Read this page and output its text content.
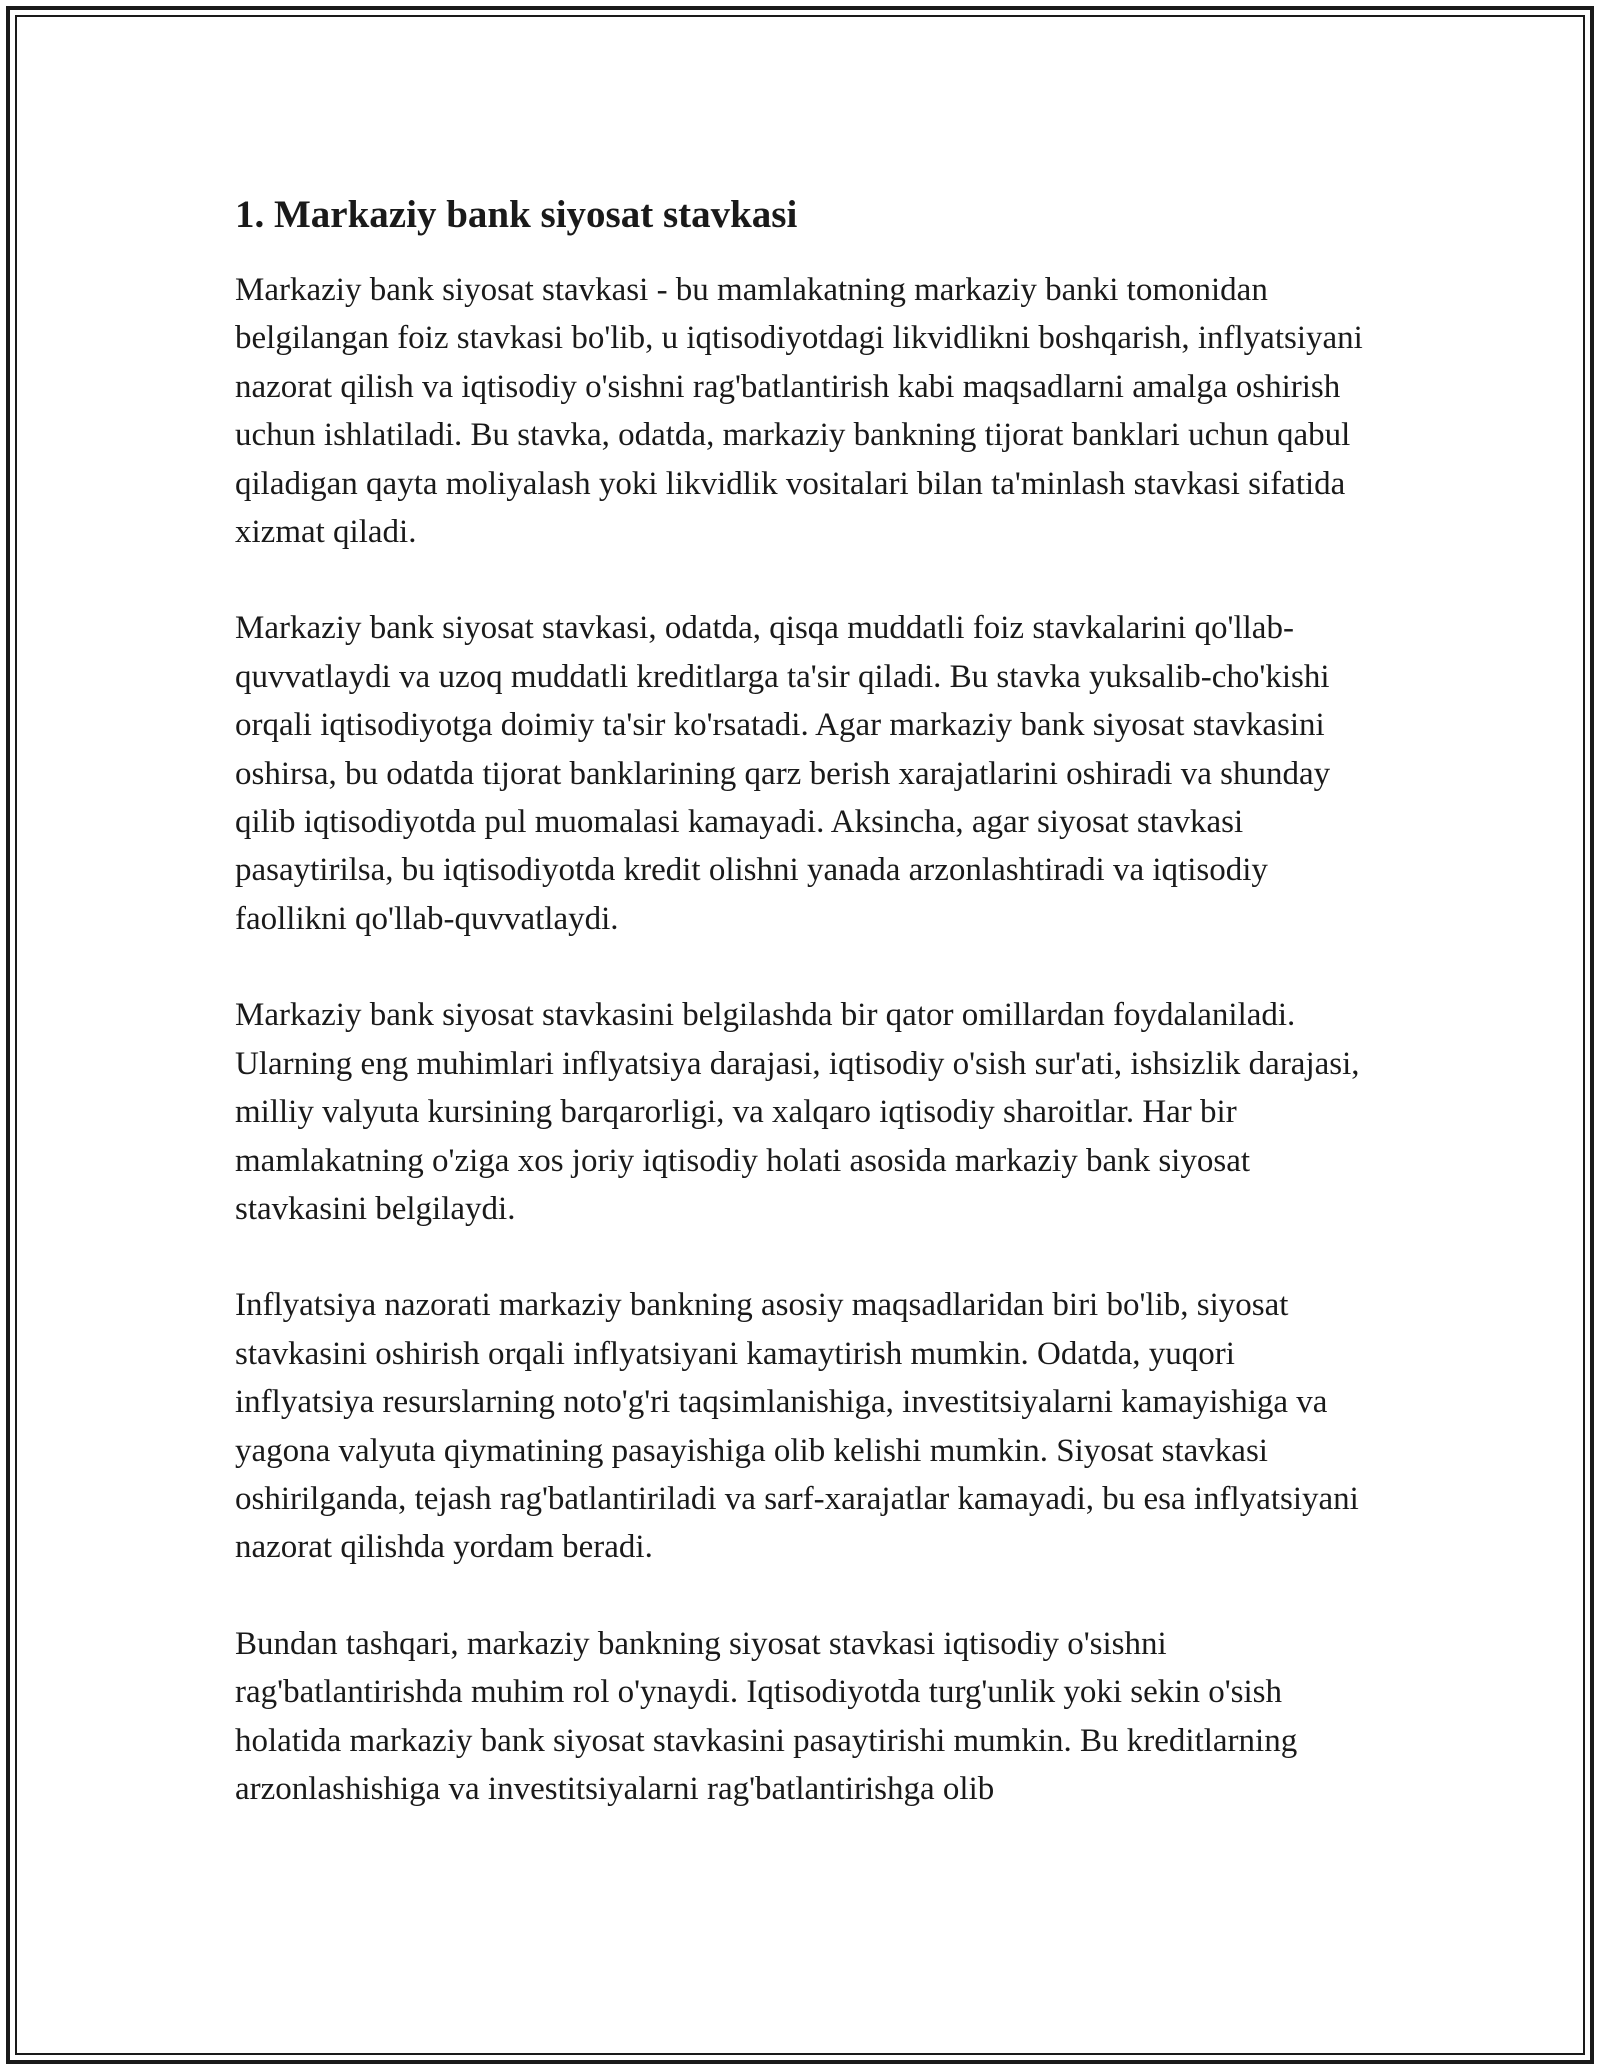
1. Markaziy bank siyosat stavkasi

Markaziy bank siyosat stavkasi - bu mamlakatning markaziy banki tomonidan belgilangan foiz stavkasi bo'lib, u iqtisodiyotdagi likvidlikni boshqarish, inflyatsiyani nazorat qilish va iqtisodiy o'sishni rag'batlantirish kabi maqsadlarni amalga oshirish uchun ishlatiladi. Bu stavka, odatda, markaziy bankning tijorat banklari uchun qabul qiladigan qayta moliyalash yoki likvidlik vositalari bilan ta'minlash stavkasi sifatida xizmat qiladi.

Markaziy bank siyosat stavkasi, odatda, qisqa muddatli foiz stavkalarini qo'llab-quvvatlaydi va uzoq muddatli kreditlarga ta'sir qiladi. Bu stavka yuksalib-cho'kishi orqali iqtisodiyotga doimiy ta'sir ko'rsatadi. Agar markaziy bank siyosat stavkasini oshirsa, bu odatda tijorat banklarining qarz berish xarajatlarini oshiradi va shunday qilib iqtisodiyotda pul muomalasi kamayadi. Aksincha, agar siyosat stavkasi pasaytirilsa, bu iqtisodiyotda kredit olishni yanada arzonlashtiradi va iqtisodiy faollikni qo'llab-quvvatlaydi.

Markaziy bank siyosat stavkasini belgilashda bir qator omillardan foydalaniladi. Ularning eng muhimlari inflyatsiya darajasi, iqtisodiy o'sish sur'ati, ishsizlik darajasi, milliy valyuta kursining barqarorligi, va xalqaro iqtisodiy sharoitlar. Har bir mamlakatning o'ziga xos joriy iqtisodiy holati asosida markaziy bank siyosat stavkasini belgilaydi.

Inflyatsiya nazorati markaziy bankning asosiy maqsadlaridan biri bo'lib, siyosat stavkasini oshirish orqali inflyatsiyani kamaytirish mumkin. Odatda, yuqori inflyatsiya resurslarning noto'g'ri taqsimlanishiga, investitsiyalarni kamayishiga va yagona valyuta qiymatining pasayishiga olib kelishi mumkin. Siyosat stavkasi oshirilganda, tejash rag'batlantiriladi va sarf-xarajatlar kamayadi, bu esa inflyatsiyani nazorat qilishda yordam beradi.

Bundan tashqari, markaziy bankning siyosat stavkasi iqtisodiy o'sishni rag'batlantirishda muhim rol o'ynaydi. Iqtisodiyotda turg'unlik yoki sekin o'sish holatida markaziy bank siyosat stavkasini pasaytirishi mumkin. Bu kreditlarning arzonlashishiga va investitsiyalarni rag'batlantirishga olib
